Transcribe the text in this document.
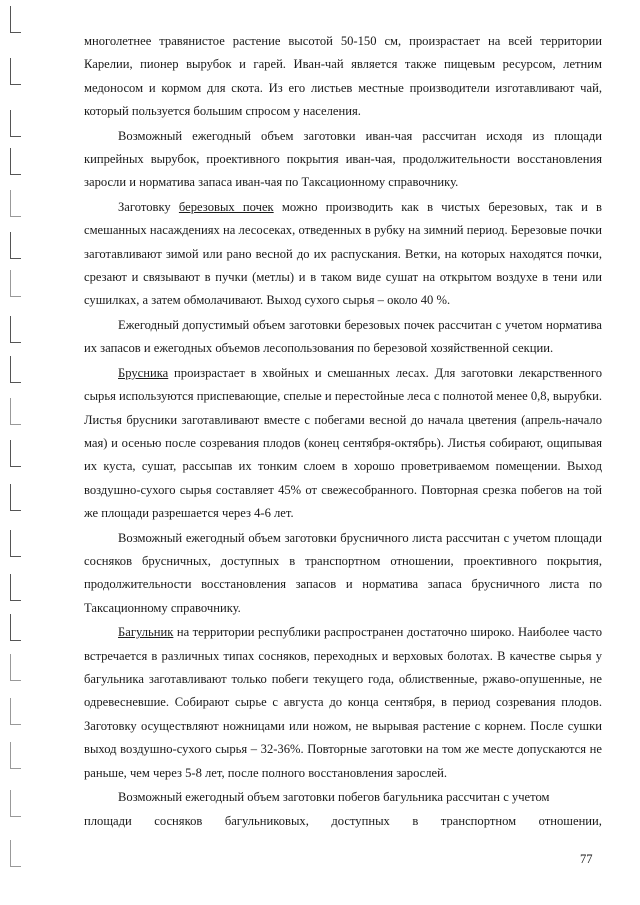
многолетнее травянистое растение высотой 50-150 см, произрастает на всей территории Карелии, пионер вырубок и гарей. Иван-чай является также пищевым ресурсом, летним медоносом и кормом для скота. Из его листьев местные производители изготавливают чай, который пользуется большим спросом у населения.

Возможный ежегодный объем заготовки иван-чая рассчитан исходя из площади кипрейных вырубок, проективного покрытия иван-чая, продолжительности восстановления заросли и норматива запаса иван-чая по Таксационному справочнику.

Заготовку березовых почек можно производить как в чистых березовых, так и в смешанных насаждениях на лесосеках, отведенных в рубку на зимний период. Березовые почки заготавливают зимой или рано весной до их распускания. Ветки, на которых находятся почки, срезают и связывают в пучки (метлы) и в таком виде сушат на открытом воздухе в тени или сушилках, а затем обмолачивают. Выход сухого сырья – около 40 %.

Ежегодный допустимый объем заготовки березовых почек рассчитан с учетом норматива их запасов и ежегодных объемов лесопользования по березовой хозяйственной секции.

Брусника произрастает в хвойных и смешанных лесах. Для заготовки лекарственного сырья используются приспевающие, спелые и перестойные леса с полнотой менее 0,8, вырубки. Листья брусники заготавливают вместе с побегами весной до начала цветения (апрель-начало мая) и осенью после созревания плодов (конец сентября-октябрь). Листья собирают, ощипывая их куста, сушат, рассыпав их тонким слоем в хорошо проветриваемом помещении. Выход воздушно-сухого сырья составляет 45% от свежесобранного. Повторная срезка побегов на той же площади разрешается через 4-6 лет.

Возможный ежегодный объем заготовки брусничного листа рассчитан с учетом площади сосняков брусничных, доступных в транспортном отношении, проективного покрытия, продолжительности восстановления запасов и норматива запаса брусничного листа по Таксационному справочнику.

Багульник на территории республики распространен достаточно широко. Наиболее часто встречается в различных типах сосняков, переходных и верховых болотах. В качестве сырья у багульника заготавливают только побеги текущего года, облиственные, ржаво-опушенные, не одревесневшие. Собирают сырье с августа до конца сентября, в период созревания плодов. Заготовку осуществляют ножницами или ножом, не вырывая растение с корнем. После сушки выход воздушно-сухого сырья – 32-36%. Повторные заготовки на том же месте допускаются не раньше, чем через 5-8 лет, после полного восстановления зарослей.

Возможный ежегодный объем заготовки побегов багульника рассчитан с учетом

площади сосняков багульниковых, доступных в транспортном отношении,
77
